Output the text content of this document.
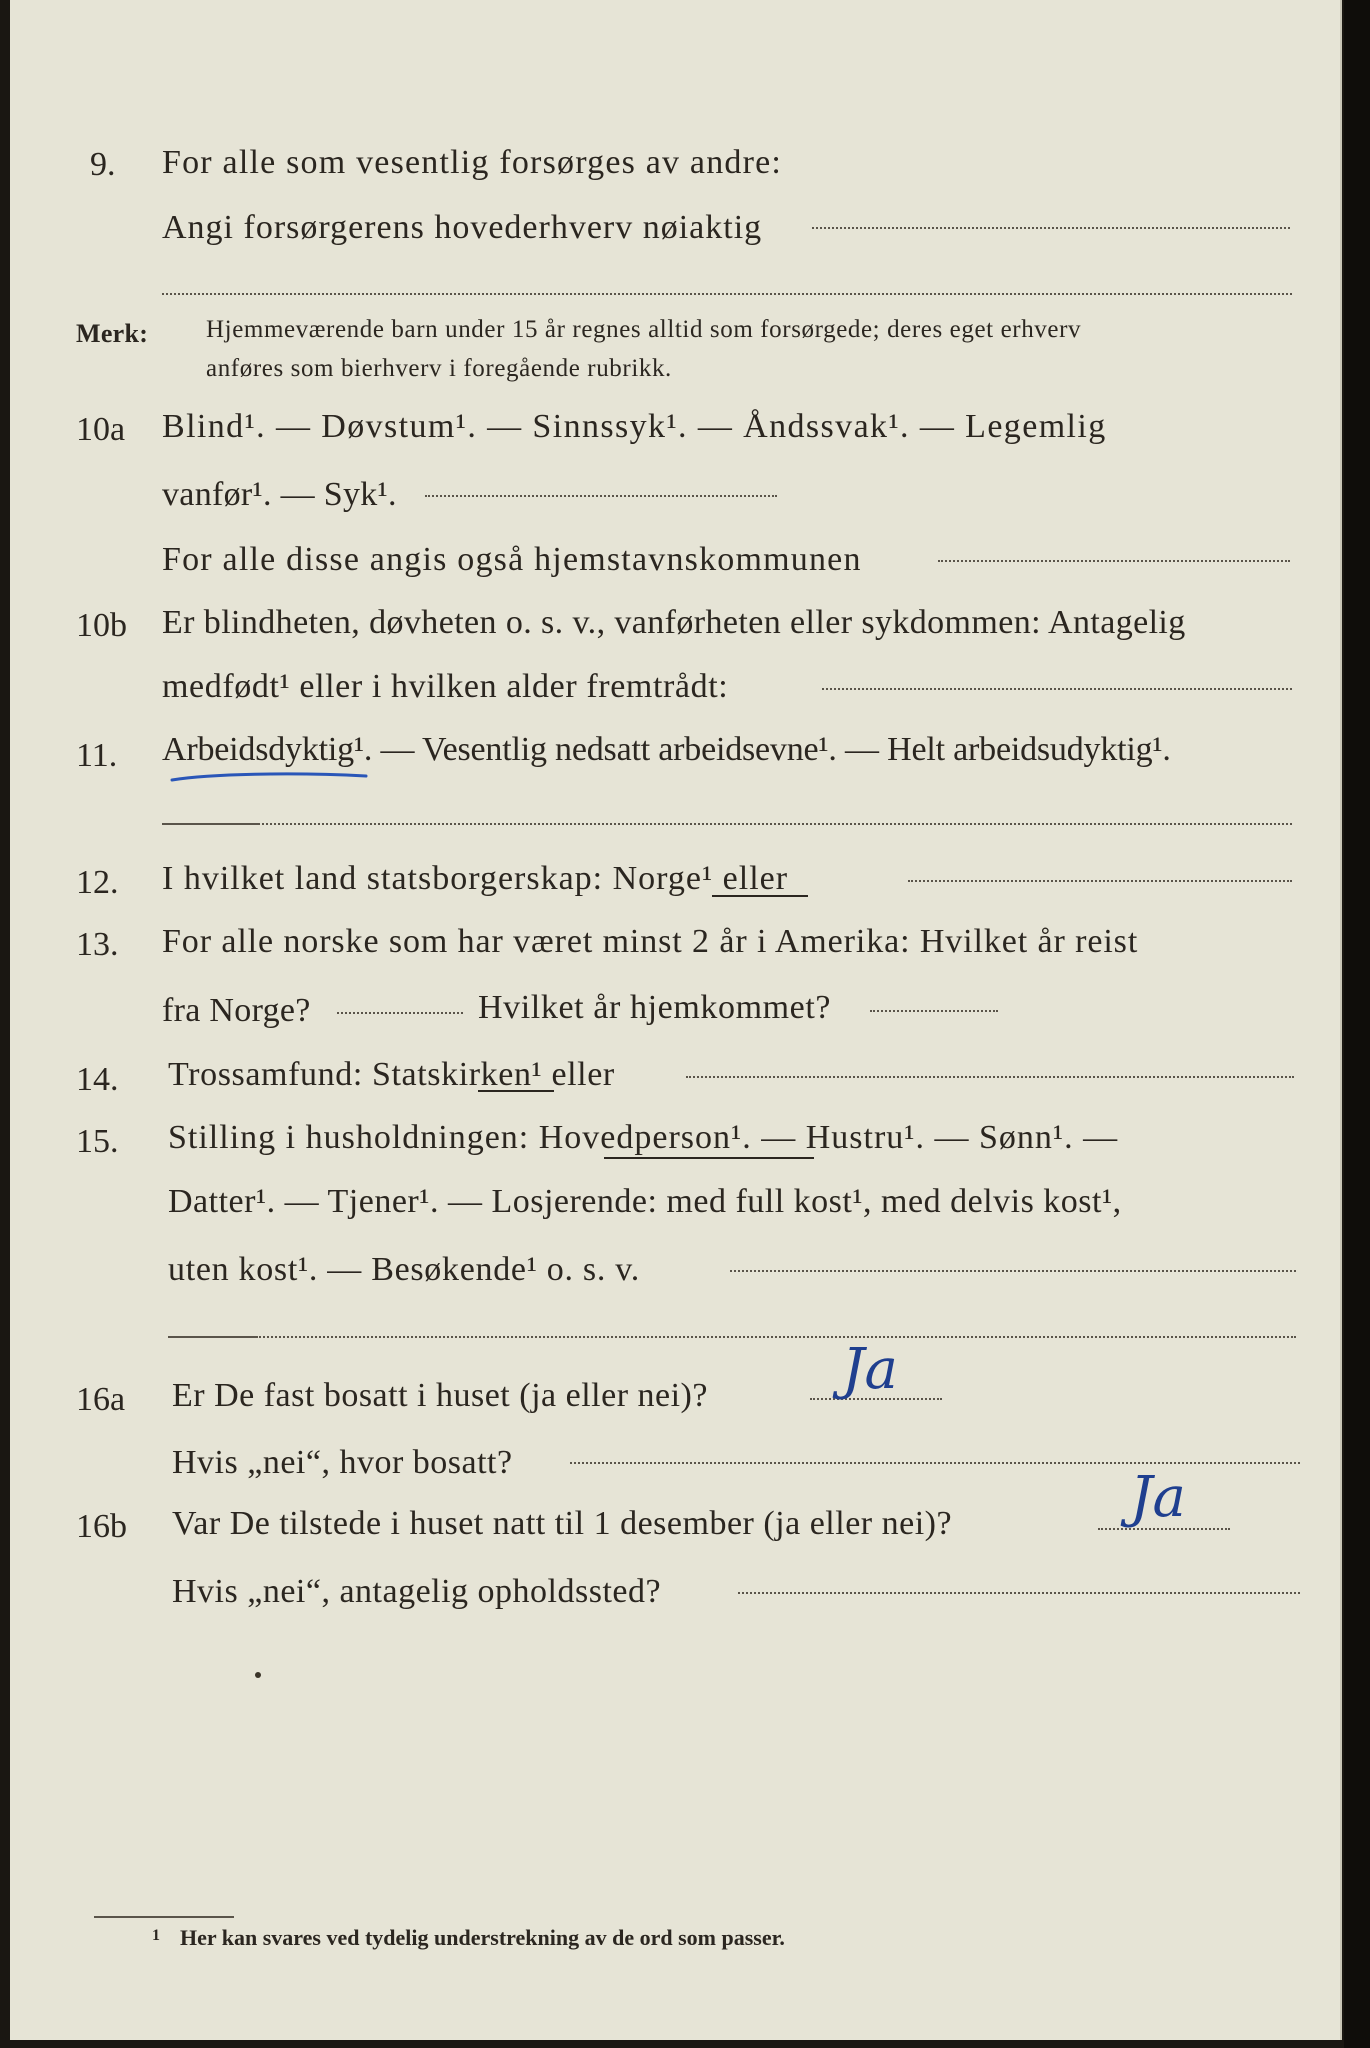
9. For alle som vesentlig forsørges av andre:
Angi forsørgerens hovederhverv nøiaktig
Merk: Hjemmeværende barn under 15 år regnes alltid som forsørgede; deres eget erhverv
anføres som bierhverv i foregående rubrikk.
10a Blind¹. — Døvstum¹. — Sinnssyk¹. — Åndssvak¹. — Legemlig
vanfør¹. — Syk¹.
For alle disse angis også hjemstavnskommunen
10b Er blindheten, døvheten o. s. v., vanførheten eller sykdommen: Antagelig
medfødt¹ eller i hvilken alder fremtrådt:
11. Arbeidsdyktig¹. — Vesentlig nedsatt arbeidsevne¹. — Helt arbeidsudyktig¹.
12. I hvilket land statsborgerskap: Norge¹ eller
13. For alle norske som har været minst 2 år i Amerika: Hvilket år reist
fra Norge?	Hvilket år hjemkommet?
14. Trossamfund: Statskirken¹ eller
15. Stilling i husholdningen: Hovedperson¹. — Hustru¹. — Sønn¹. —
Datter¹. — Tjener¹. — Losjerende: med full kost¹, med delvis kost¹,
uten kost¹. — Besøkende¹ o. s. v.
16a Er De fast bosatt i huset (ja eller nei)? Ja
Hvis „nei“, hvor bosatt?
16b Var De tilstede i huset natt til 1 desember (ja eller nei)?	Ja
Hvis „nei“, antagelig opholdssted?
1 Her kan svares ved tydelig understrekning av de ord som passer.
